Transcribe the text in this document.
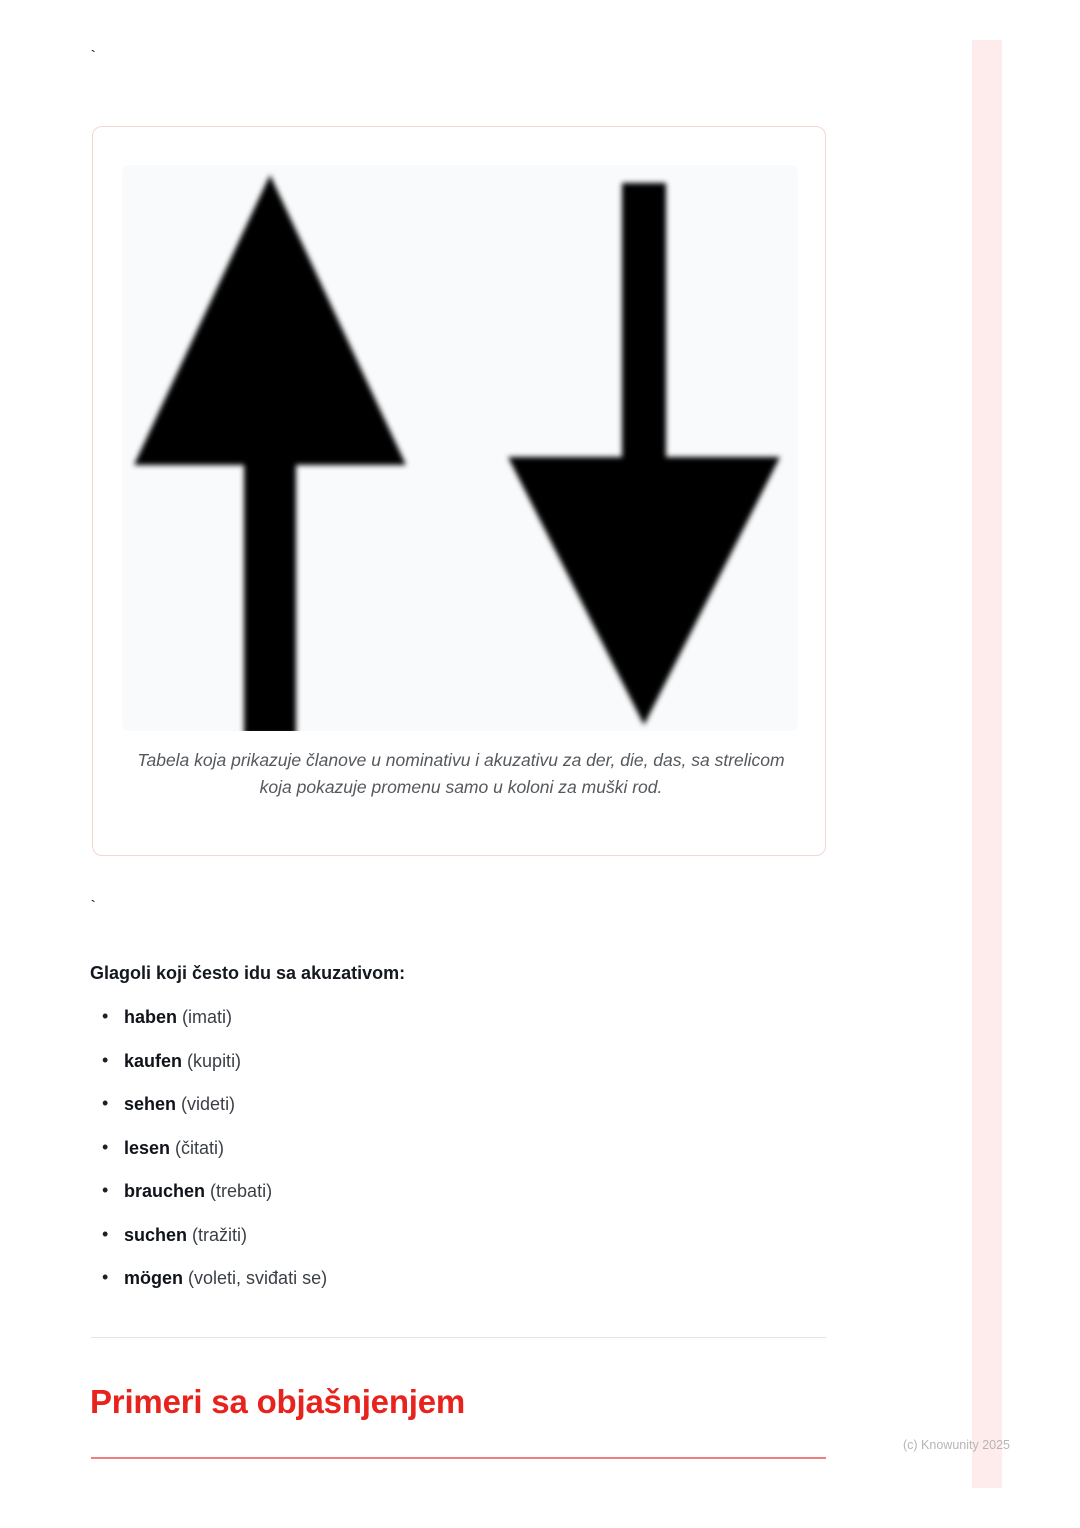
`
Tabela koja prikazuje članove u nominativu i akuzativu za der, die, das, sa strelicom koja pokazuje promenu samo u koloni za muški rod.
`
Glagoli koji često idu sa akuzativom:
• haben (imati)
• kaufen (kupiti)
• sehen (videti)
• lesen (čitati)
• brauchen (trebati)
• suchen (tražiti)
• mögen (voleti, sviđati se)
Primeri sa objašnjenjem
(c) Knowunity 2025
